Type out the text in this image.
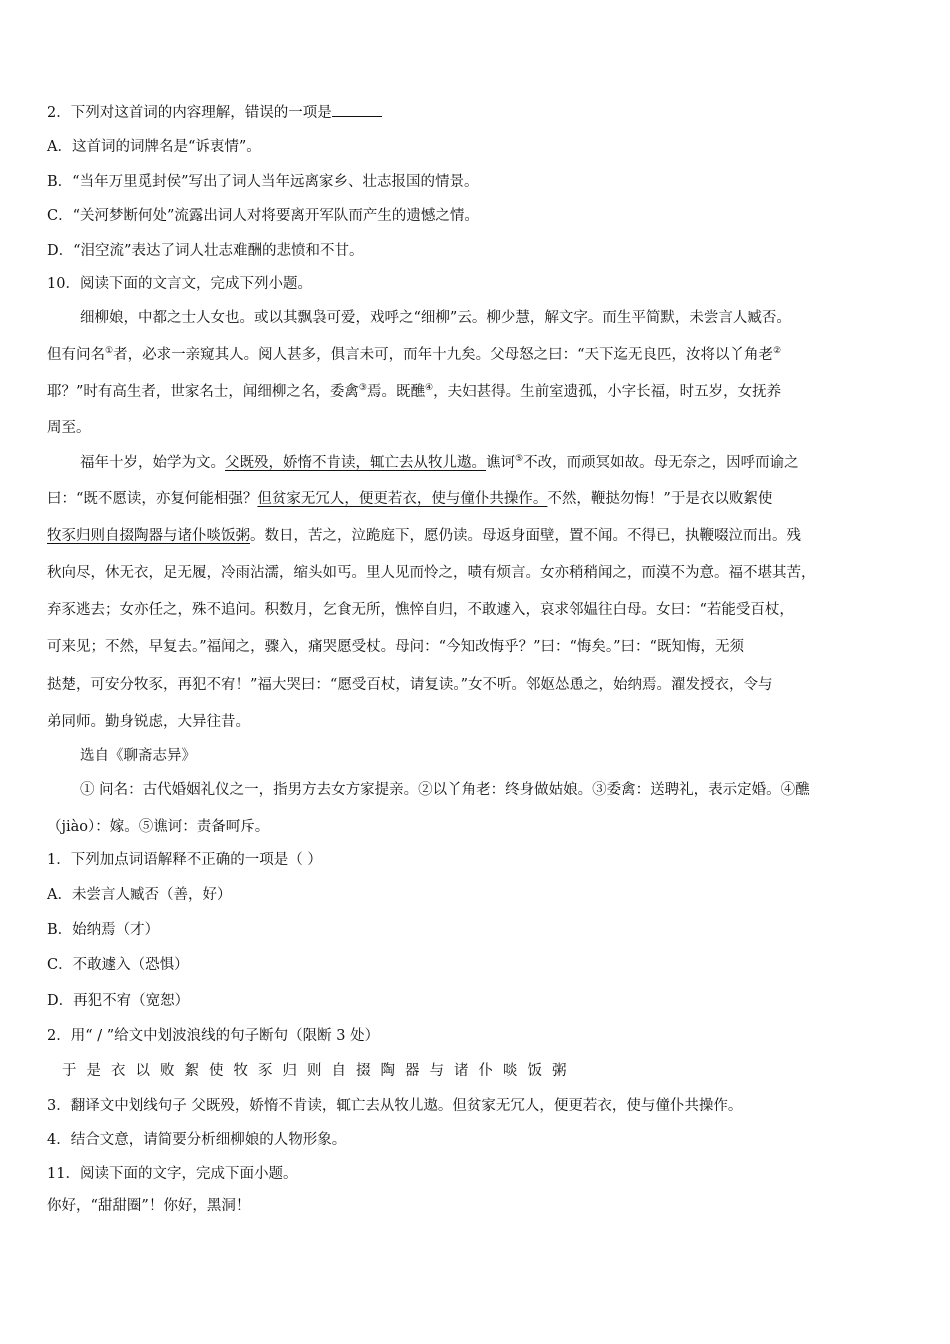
2．下列对这首词的内容理解，错误的一项是
A．这首词的词牌名是“诉衷情”。
B．“当年万里觅封侯”写出了词人当年远离家乡、壮志报国的情景。
C．“关河梦断何处”流露出词人对将要离开军队而产生的遗憾之情。
D．“泪空流”表达了词人壮志难酬的悲愤和不甘。
10．阅读下面的文言文，完成下列小题。
细柳娘，中都之士人女也。或以其飘袅可爱，戏呼之“细柳”云。柳少慧，解文字。而生平简默，未尝言人臧否。
但有问名①者，必求一亲窥其人。阅人甚多，俱言未可，而年十九矣。父母怒之曰：“天下迄无良匹，汝将以丫角老②
耶？”时有高生者，世家名士，闻细柳之名，委禽③焉。既醮④，夫妇甚得。生前室遗孤，小字长福，时五岁，女抚养
周至。
福年十岁，始学为文。父既殁，娇惰不肯读，辄亡去从牧儿遨。谯诃⑤不改，而顽冥如故。母无奈之，因呼而谕之
曰：“既不愿读，亦复何能相强？但贫家无冗人，便更若衣，使与僮仆共操作。不然，鞭挞勿悔！”于是衣以败絮使
牧豕归则自掇陶器与诸仆啖饭粥。数日，苦之，泣跪庭下，愿仍读。母返身面壁，置不闻。不得已，执鞭啜泣而出。残
秋向尽，休无衣，足无履，冷雨沾濡，缩头如丐。里人见而怜之，啧有烦言。女亦稍稍闻之，而漠不为意。福不堪其苦，
弃豕逃去；女亦任之，殊不追问。积数月，乞食无所，憔悴自归，不敢遽入，哀求邻媪往白母。女曰：“若能受百杖，
可来见；不然，早复去。”福闻之，骤入，痛哭愿受杖。母问：“今知改悔乎？”曰：“悔矣。”曰：“既知悔，无须
挞楚，可安分牧豕，再犯不宥！”福大哭曰：“愿受百杖，请复读。”女不听。邻妪怂恿之，始纳焉。濯发授衣，令与
弟同师。勤身锐虑，大异往昔。
选自《聊斋志异》
① 问名：古代婚姻礼仪之一，指男方去女方家提亲。②以丫角老：终身做姑娘。③委禽：送聘礼，表示定婚。④醮
（jiào）：嫁。⑤谯诃：责备呵斥。
1．下列加点词语解释不正确的一项是（ ）
A．未尝言人臧否（善，好）
B．始纳焉（才）
C．不敢遽入（恐惧）
D．再犯不宥（宽恕）
2．用“ / ”给文中划波浪线的句子断句（限断 3 处）
于 是 衣 以 败 絮 使 牧 豕 归 则 自 掇 陶 器 与 诸 仆 啖 饭 粥
3．翻译文中划线句子 父既殁，娇惰不肯读，辄亡去从牧儿遨。但贫家无冗人，便更若衣，使与僮仆共操作。
4．结合文意，请简要分析细柳娘的人物形象。
11．阅读下面的文字，完成下面小题。
你好，“甜甜圈”！你好，黑洞！
